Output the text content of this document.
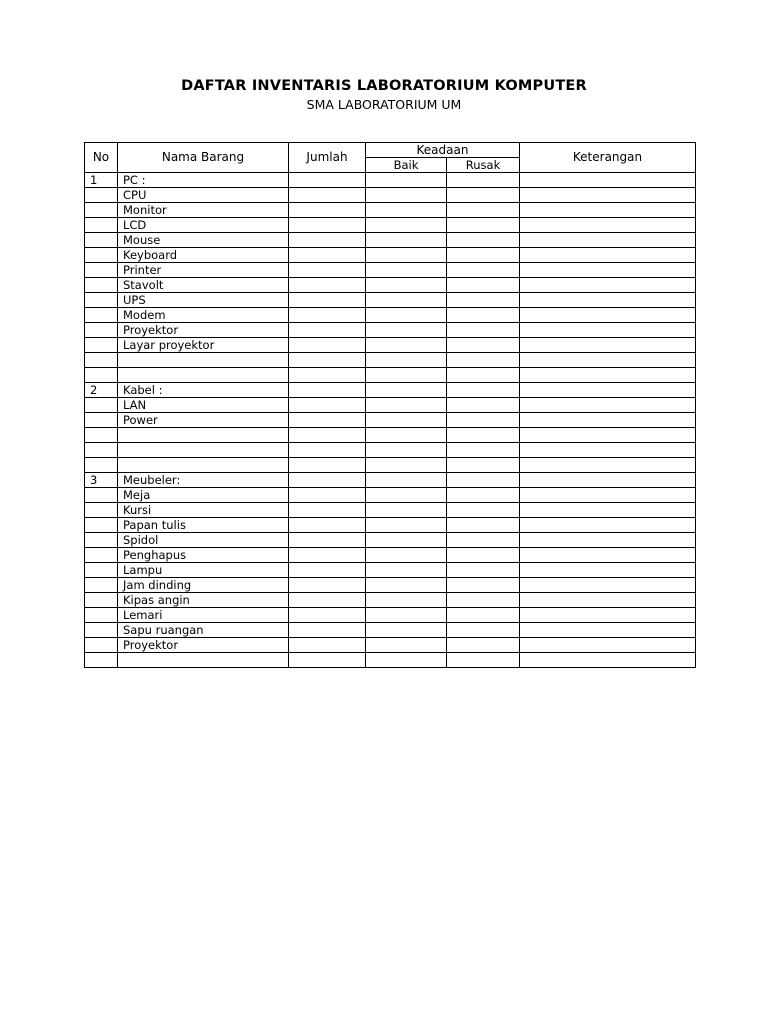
DAFTAR INVENTARIS LABORATORIUM KOMPUTER
SMA LABORATORIUM UM
No	Nama Barang	Jumlah	Keadaan		Keterangan
			Baik	Rusak	
1	PC :				
	CPU				
	Monitor				
	LCD				
	Mouse				
	Keyboard				
	Printer				
	Stavolt				
	UPS				
	Modem				
	Proyektor				
	Layar proyektor				

2	Kabel :				
	LAN				
	Power				

3	Meubeler:				
	Meja				
	Kursi				
	Papan tulis				
	Spidol				
	Penghapus				
	Lampu				
	Jam dinding				
	Kipas angin				
	Lemari				
	Sapu ruangan				
	Proyektor				
